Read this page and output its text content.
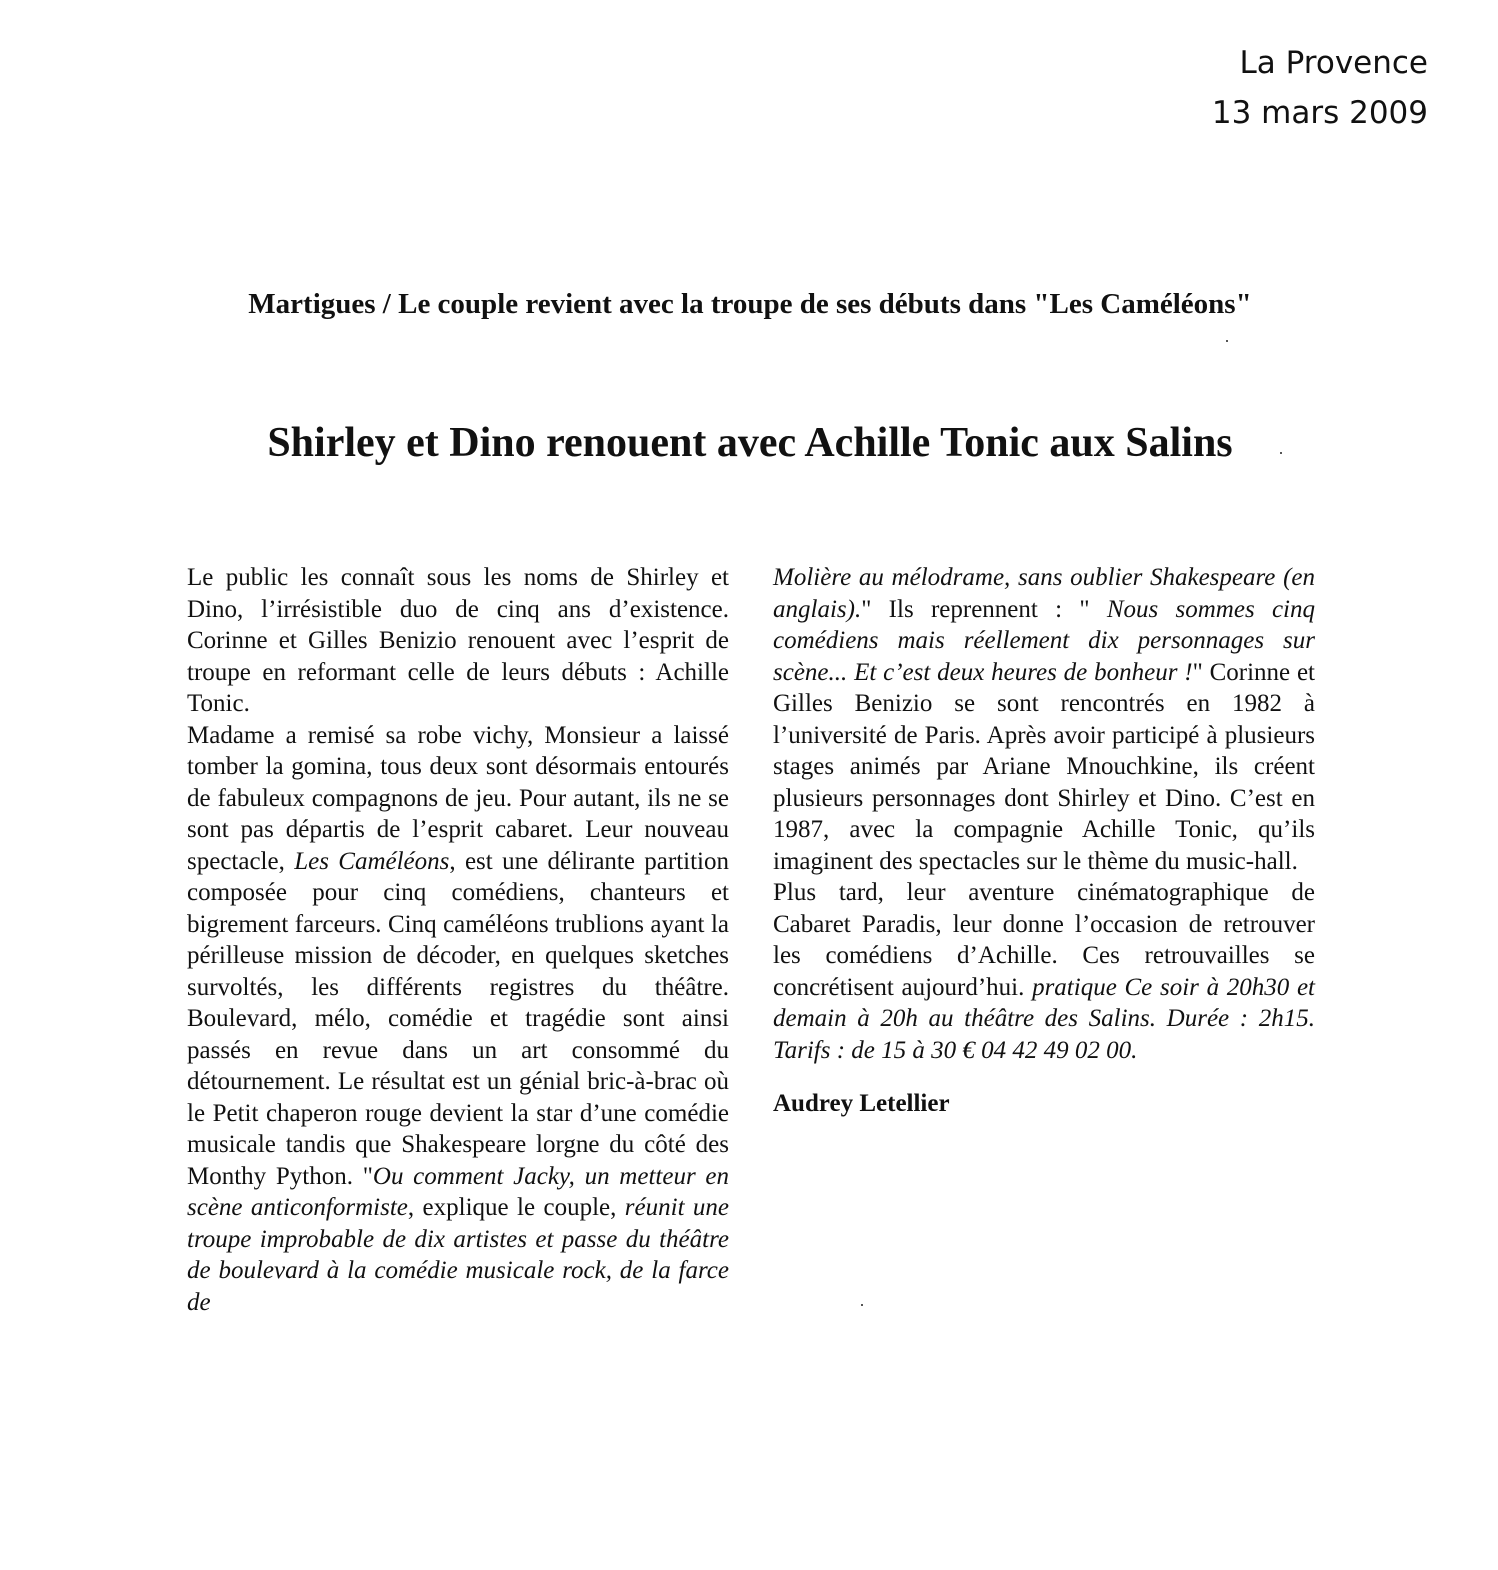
La Provence
13 mars 2009
Martigues / Le couple revient avec la troupe de ses débuts dans "Les Caméléons"
Shirley et Dino renouent avec Achille Tonic aux Salins

Le public les connaît sous les noms de Shirley et Dino, l’irrésistible duo de cinq ans d’existence. Corinne et Gilles Benizio renouent avec l’esprit de troupe en reformant celle de leurs débuts : Achille Tonic.

Madame a remisé sa robe vichy, Monsieur a laissé tomber la gomina, tous deux sont désormais entourés de fabuleux compagnons de jeu. Pour autant, ils ne se sont pas départis de l’esprit cabaret. Leur nouveau spectacle, Les Caméléons, est une délirante partition composée pour cinq comédiens, chanteurs et bigrement farceurs. Cinq caméléons trublions ayant la périlleuse mission de décoder, en quelques sketches survoltés, les différents registres du théâtre. Boulevard, mélo, comédie et tragédie sont ainsi passés en revue dans un art consommé du détournement. Le résultat est un génial bric-à-brac où le Petit chaperon rouge devient la star d’une comédie musicale tandis que Shakespeare lorgne du côté des Monthy Python. "Ou comment Jacky, un metteur en scène anticonformiste, explique le couple, réunit une troupe improbable de dix artistes et passe du théâtre de boulevard à la comédie musicale rock, de la farce de

Molière au mélodrame, sans oublier Shakespeare (en anglais)." Ils reprennent : " Nous sommes cinq comédiens mais réellement dix personnages sur scène... Et c’est deux heures de bonheur !" Corinne et Gilles Benizio se sont rencontrés en 1982 à l’université de Paris. Après avoir participé à plusieurs stages animés par Ariane Mnouchkine, ils créent plusieurs personnages dont Shirley et Dino. C’est en 1987, avec la compagnie Achille Tonic, qu’ils imaginent des spectacles sur le thème du music-hall.

Plus tard, leur aventure cinématographique de Cabaret Paradis, leur donne l’occasion de retrouver les comédiens d’Achille. Ces retrouvailles se concrétisent aujourd’hui. pratique Ce soir à 20h30 et demain à 20h au théâtre des Salins. Durée : 2h15. Tarifs : de 15 à 30 € 04 42 49 02 00.

Audrey Letellier
